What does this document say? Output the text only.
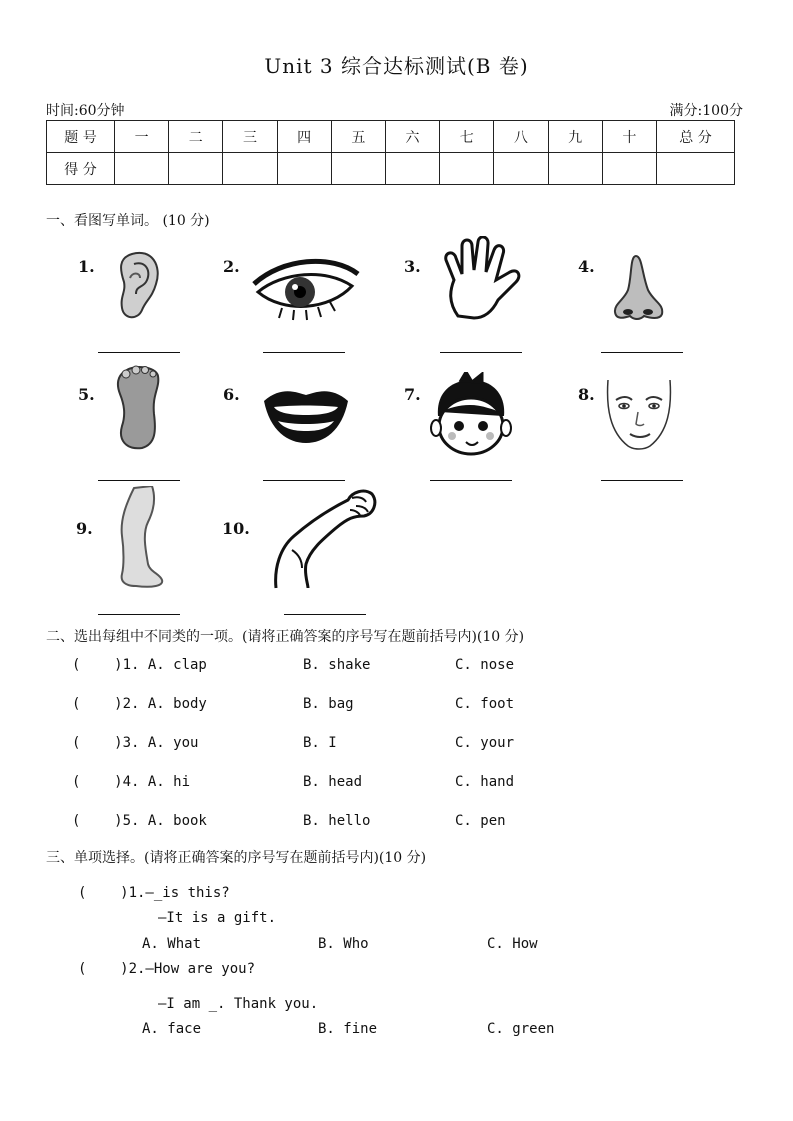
Unit 3 综合达标测试(B 卷)
时间:60分钟	满分:100分
题 号	一	二	三	四	五	六	七	八	九	十	总 分
得 分											
一、看图写单词。 (10 分)
1.	2.	3.	4.
5.	6.	7.	8.
9.	10.
二、选出每组中不同类的一项。(请将正确答案的序号写在题前括号内)(10 分)
(    )1. A. clap	B. shake	C. nose
(    )2. A. body	B. bag	C. foot
(    )3. A. you	B. I	C. your
(    )4. A. hi	B. head	C. hand
(    )5. A. book	B. hello	C. pen
三、单项选择。(请将正确答案的序号写在题前括号内)(10 分)
(    )1.—_is this?
—It is a gift.
A. What	B. Who	C. How
(    )2.—How are you?
—I am _. Thank you.
A. face	B. fine	C. green
